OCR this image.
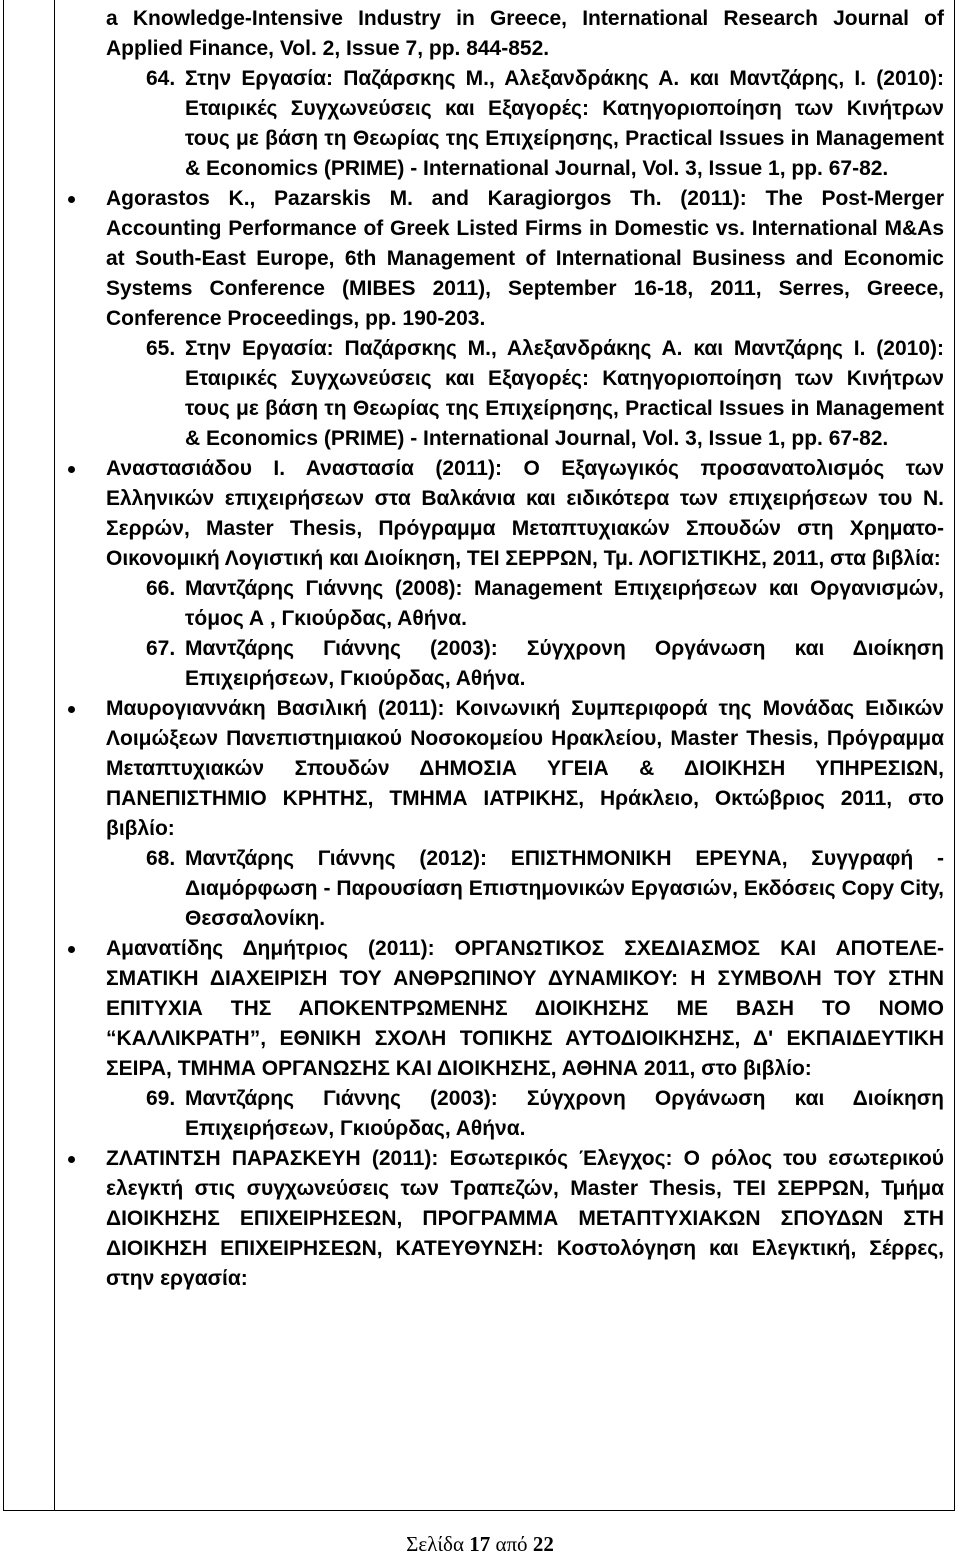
a Knowledge-Intensive Industry in Greece, International Research Journal of Applied Finance, Vol. 2, Issue 7, pp. 844-852.

64. Στην Εργασία: Παζάρσκης Μ., Αλεξανδράκης Α. και Μαντζάρης, Ι. (2010): Εταιρικές Συγχωνεύσεις και Εξαγορές: Κατηγοριοποίηση των Κινήτρων τους με βάση τη Θεωρίας της Επιχείρησης, Practical Issues in Management & Economics (PRIME) - International Journal, Vol. 3, Issue 1, pp. 67-82.

Agorastos K., Pazarskis M. and Karagiorgos Th. (2011): The Post-Merger Accounting Performance of Greek Listed Firms in Domestic vs. International M&As at South-East Europe, 6th Management of International Business and Economic Systems Conference (MIBES 2011), September 16-18, 2011, Serres, Greece, Conference Proceedings, pp. 190-203.

65. Στην Εργασία: Παζάρσκης Μ., Αλεξανδράκης Α. και Μαντζάρης Ι. (2010): Εταιρικές Συγχωνεύσεις και Εξαγορές: Κατηγοριοποίηση των Κινήτρων τους με βάση τη Θεωρίας της Επιχείρησης, Practical Issues in Management & Economics (PRIME) - International Journal, Vol. 3, Issue 1, pp. 67-82.

Αναστασιάδου Ι. Αναστασία (2011): Ο Εξαγωγικός προσανατολισμός των Ελληνικών επιχειρήσεων στα Βαλκάνια και ειδικότερα των επιχειρήσεων του Ν. Σερρών, Master Thesis, Πρόγραμμα Μεταπτυχιακών Σπουδών στη Χρηματο-Οικονομική Λογιστική και Διοίκηση, ΤΕΙ ΣΕΡΡΩΝ, Τμ. ΛΟΓΙΣΤΙΚΗΣ, 2011, στα βιβλία:

66. Μαντζάρης Γιάννης (2008): Management Επιχειρήσεων και Οργανισμών, τόμος Α , Γκιούρδας, Αθήνα.

67. Μαντζάρης Γιάννης (2003): Σύγχρονη Οργάνωση και Διοίκηση Επιχειρήσεων, Γκιούρδας, Αθήνα.

Μαυρογιαννάκη Βασιλική (2011): Κοινωνική Συμπεριφορά της Μονάδας Ειδικών Λοιμώξεων Πανεπιστημιακού Νοσοκομείου Ηρακλείου, Master Thesis, Πρόγραμμα Μεταπτυχιακών Σπουδών ΔΗΜΟΣΙΑ ΥΓΕΙΑ & ΔΙΟΙΚΗΣΗ ΥΠΗΡΕΣΙΩΝ, ΠΑΝΕΠΙΣΤΗΜΙΟ ΚΡΗΤΗΣ, ΤΜΗΜΑ ΙΑΤΡΙΚΗΣ, Ηράκλειο, Οκτώβριος 2011, στο βιβλίο:

68. Μαντζάρης Γιάννης (2012): ΕΠΙΣΤΗΜΟΝΙΚΗ ΕΡΕΥΝΑ, Συγγραφή - Διαμόρφωση - Παρουσίαση Επιστημονικών Εργασιών, Εκδόσεις Copy City, Θεσσαλονίκη.

Αμανατίδης Δημήτριος (2011): ΟΡΓΑΝΩΤΙΚΟΣ ΣΧΕΔΙΑΣΜΟΣ ΚΑΙ ΑΠΟΤΕΛΕ-ΣΜΑΤΙΚΗ ΔΙΑΧΕΙΡΙΣΗ ΤΟΥ ΑΝΘΡΩΠΙΝΟΥ ΔΥΝΑΜΙΚΟΥ: Η ΣΥΜΒΟΛΗ ΤΟΥ ΣΤΗΝ ΕΠΙΤΥΧΙΑ ΤΗΣ ΑΠΟΚΕΝΤΡΩΜΕΝΗΣ ΔΙΟΙΚΗΣΗΣ ΜΕ ΒΑΣΗ ΤΟ ΝΟΜΟ “ΚΑΛΛΙΚΡΑΤΗ”, ΕΘΝΙΚΗ ΣΧΟΛΗ ΤΟΠΙΚΗΣ ΑΥΤΟΔΙΟΙΚΗΣΗΣ, Δ' ΕΚΠΑΙΔΕΥΤΙΚΗ ΣΕΙΡΑ, ΤΜΗΜΑ ΟΡΓΑΝΩΣΗΣ ΚΑΙ ΔΙΟΙΚΗΣΗΣ, ΑΘΗΝΑ 2011, στο βιβλίο:

69. Μαντζάρης Γιάννης (2003): Σύγχρονη Οργάνωση και Διοίκηση Επιχειρήσεων, Γκιούρδας, Αθήνα.

ΖΛΑΤΙΝΤΣΗ ΠΑΡΑΣΚΕΥΗ (2011): Εσωτερικός Έλεγχος: Ο ρόλος του εσωτερικού ελεγκτή στις συγχωνεύσεις των Τραπεζών, Master Thesis, ΤΕΙ ΣΕΡΡΩΝ, Τμήμα ΔΙΟΙΚΗΣΗΣ ΕΠΙΧΕΙΡΗΣΕΩΝ, ΠΡΟΓΡΑΜΜΑ ΜΕΤΑΠΤΥΧΙΑΚΩΝ ΣΠΟΥΔΩΝ ΣΤΗ ΔΙΟΙΚΗΣΗ ΕΠΙΧΕΙΡΗΣΕΩΝ, ΚΑΤΕΥΘΥΝΣΗ: Κοστολόγηση και Ελεγκτική, Σέρρες, στην εργασία:

Σελίδα 17 από 22
